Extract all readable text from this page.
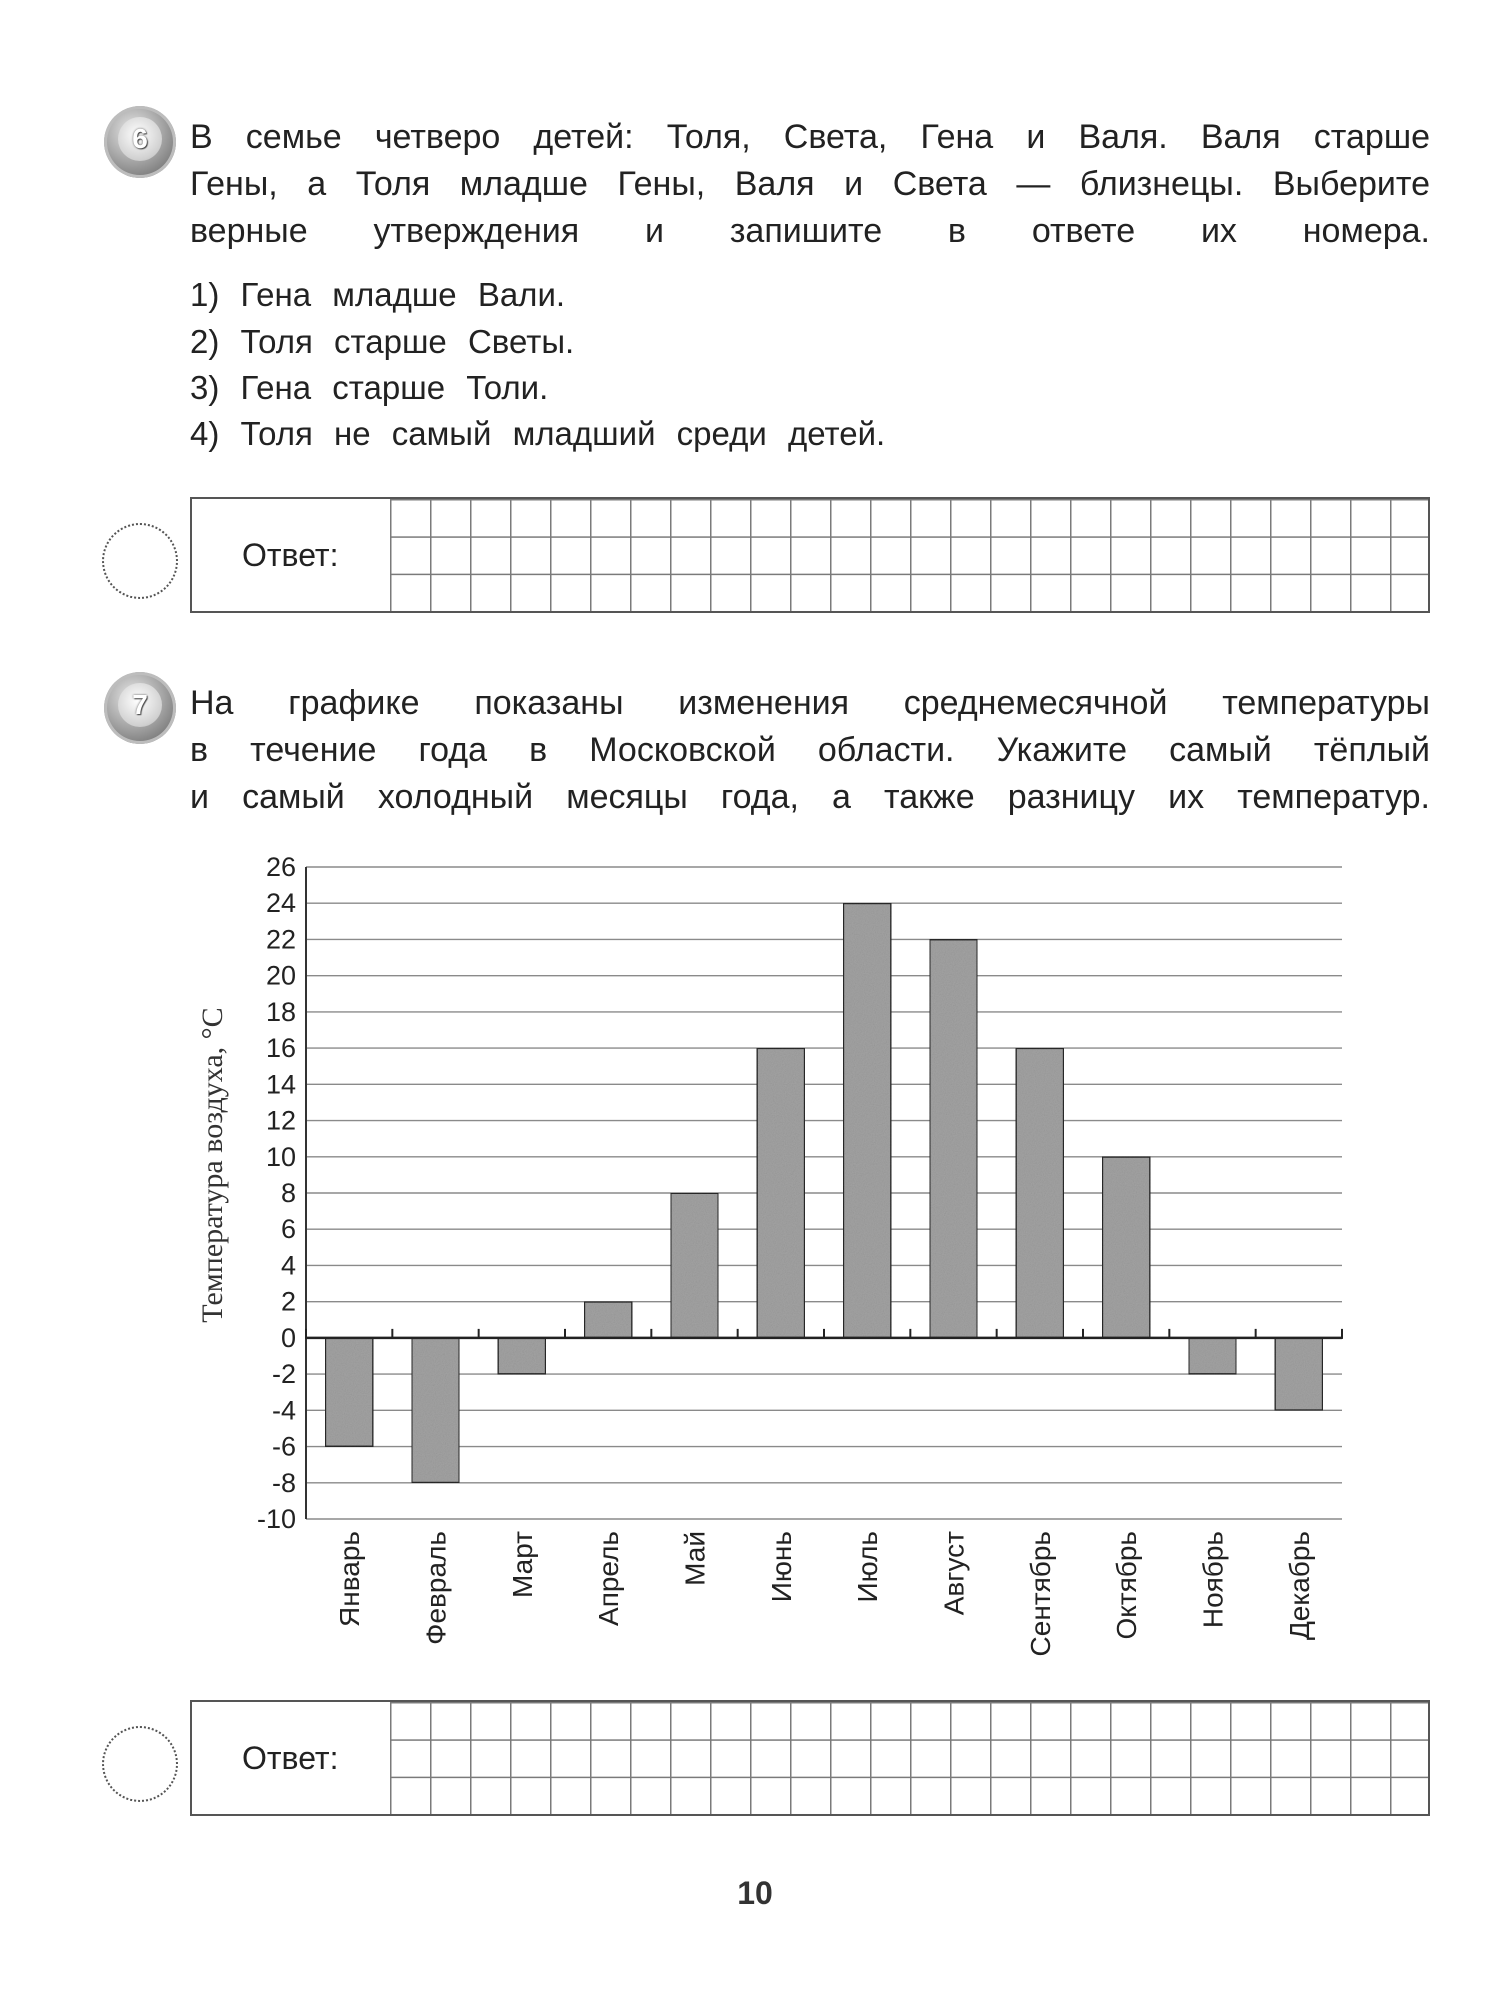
6	В семье четверо детей: Толя, Света, Гена и Валя. Валя старше
Гены, а Толя младше Гены, Валя и Света — близнецы. Выберите
верные утверждения и запишите в ответе их номера.
1) Гена младше Вали.
2) Толя старше Светы.
3) Гена старше Толи.
4) Толя не самый младший среди детей.
Ответ:
7	На графике показаны изменения среднемесячной температуры
в течение года в Московской области. Укажите самый тёплый
и самый холодный месяцы года, а также разницу их температур.
26
24
22
20
18
16
14
12
10
8
6
4
2
0
-2
-4
-6
-8
-10
Январь Февраль Март Апрель Май Июнь Июль Август Сентябрь Октябрь Ноябрь Декабрь
Температура воздуха, °C
Ответ:
10
